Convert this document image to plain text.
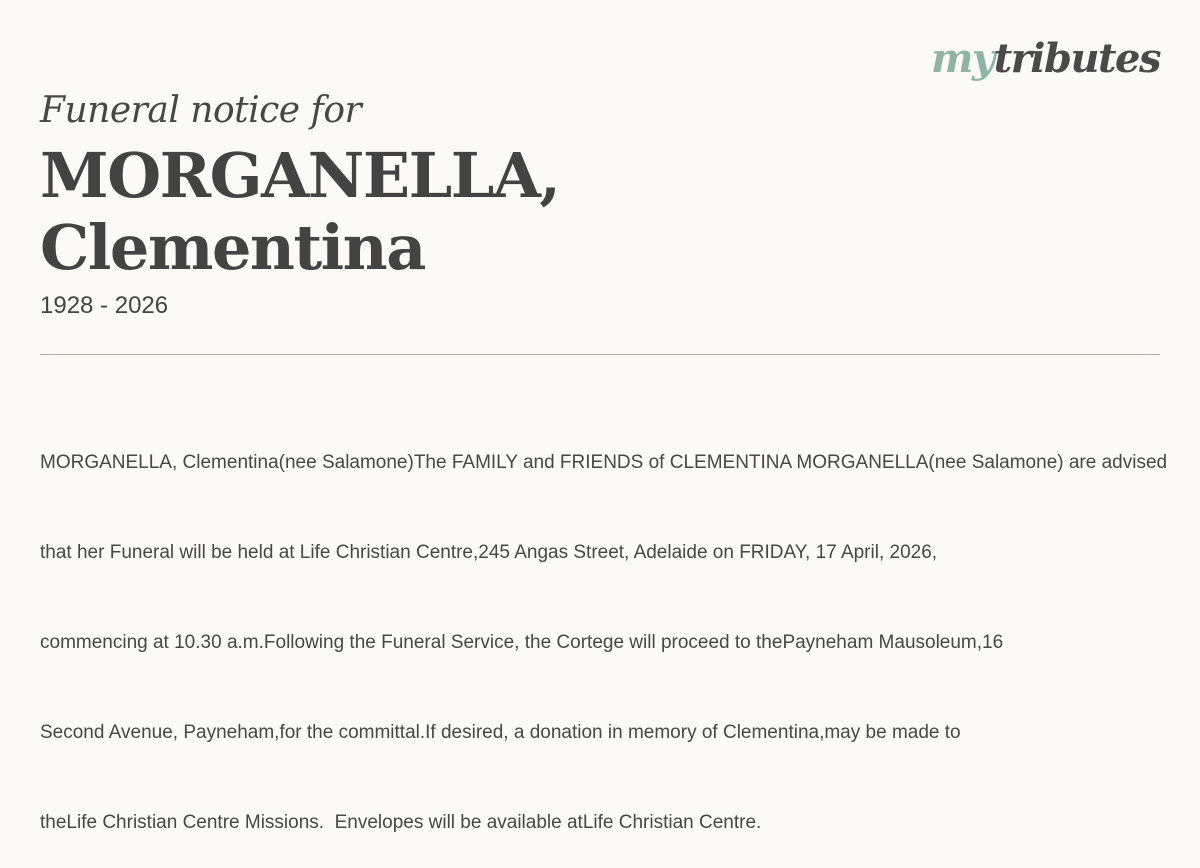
mytributes
Funeral notice for
MORGANELLA,
Clementina
1928 - 2026

MORGANELLA, Clementina(nee Salamone)The FAMILY and FRIENDS of CLEMENTINA MORGANELLA(nee Salamone) are advised

that her Funeral will be held at Life Christian Centre,245 Angas Street, Adelaide on FRIDAY, 17 April, 2026,

commencing at 10.30 a.m.Following the Funeral Service, the Cortege will proceed to thePayneham Mausoleum,16

Second Avenue, Payneham,for the committal.If desired, a donation in memory of Clementina,may be made to

theLife Christian Centre Missions.  Envelopes will be available atLife Christian Centre.
